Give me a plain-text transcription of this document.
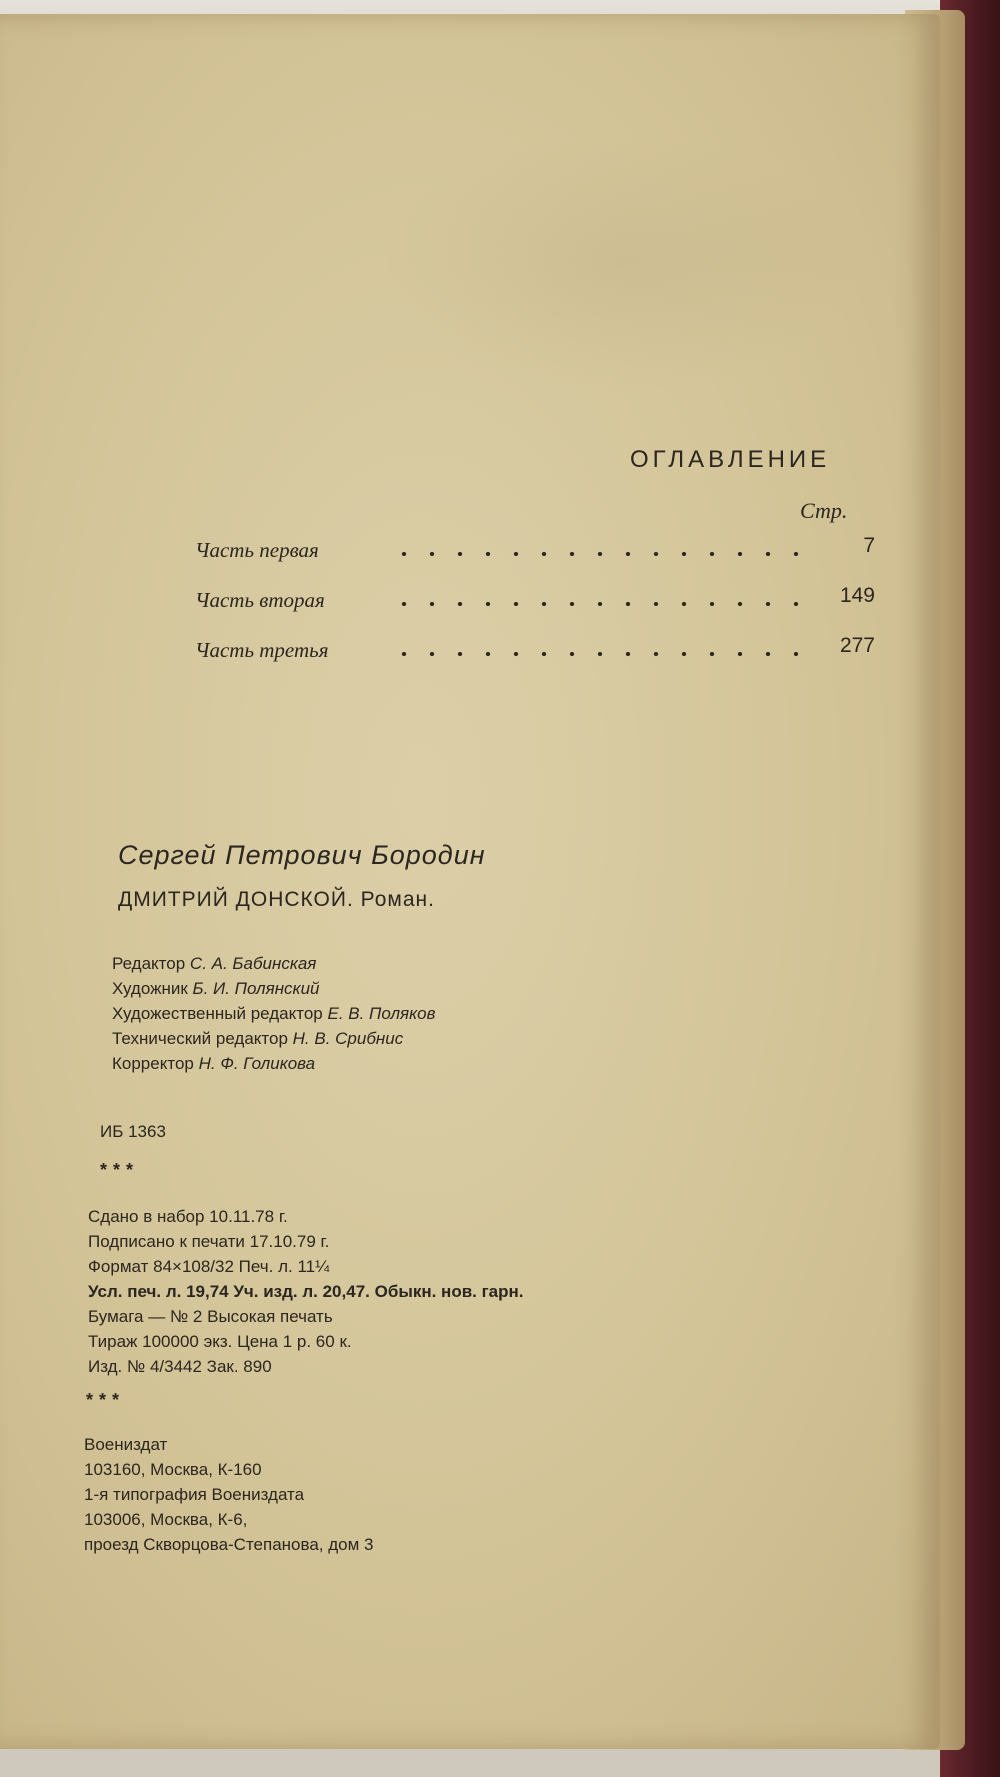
ОГЛАВЛЕНИЕ
Стр.
Часть первая	7
Часть вторая	149
Часть третья	277
Сергей Петрович Бородин
ДМИТРИЙ ДОНСКОЙ. Роман.
Редактор С. А. Бабинская
Художник Б. И. Полянский
Художественный редактор Е. В. Поляков
Технический редактор Н. В. Срибнис
Корректор Н. Ф. Голикова
ИБ 1363
***
Сдано в набор 10.11.78 г.
Подписано к печати 17.10.79 г.
Формат 84×108/32 Печ. л. 11¼
Усл. печ. л. 19,74 Уч. изд. л. 20,47. Обыкн. нов. гарн.
Бумага — № 2 Высокая печать
Тираж 100000 экз. Цена 1 р. 60 к.
Изд. № 4/3442 Зак. 890
***
Воениздат
103160, Москва, К-160
1-я типография Воениздата
103006, Москва, К-6,
проезд Скворцова-Степанова, дом 3
